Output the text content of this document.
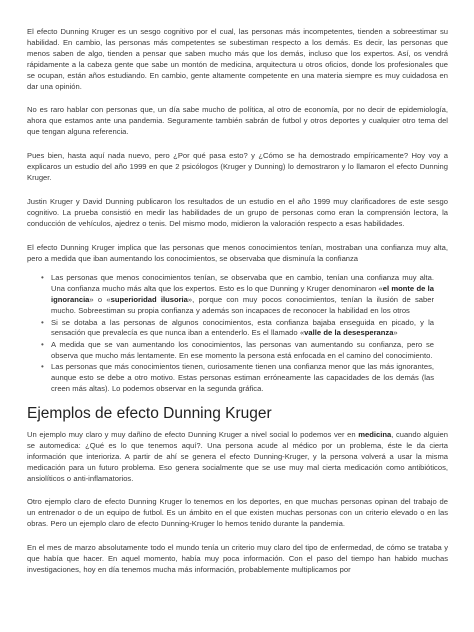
El efecto Dunning Kruger es un sesgo cognitivo por el cual, las personas más incompetentes, tienden a sobreestimar su habilidad. En cambio, las personas más competentes se subestiman respecto a los demás. Es decir, las personas que menos saben de algo, tienden a pensar que saben mucho más que los demás, incluso que los expertos. Así, os vendrá rápidamente a la cabeza gente que sabe un montón de medicina, arquitectura u otros oficios, donde los profesionales que se ocupan, están años estudiando. En cambio, gente altamente competente en una materia siempre es muy cuidadosa en dar una opinión.

No es raro hablar con personas que, un día sabe mucho de política, al otro de economía, por no decir de epidemiología, ahora que estamos ante una pandemia. Seguramente también sabrán de futbol y otros deportes y cualquier otro tema del que tengan alguna referencia.

Pues bien, hasta aquí nada nuevo, pero ¿Por qué pasa esto? y ¿Cómo se ha demostrado empíricamente? Hoy voy a explicaros un estudio del año 1999 en que 2 psicólogos (Kruger y Dunning) lo demostraron y lo llamaron el efecto Dunning Kruger.

Justin Kruger y David Dunning publicaron los resultados de un estudio en el año 1999 muy clarificadores de este sesgo cognitivo. La prueba consistió en medir las habilidades de un grupo de personas como eran la comprensión lectora, la conducción de vehículos, ajedrez o tenis. Del mismo modo, midieron la valoración respecto a esas habilidades.

El efecto Dunning Kruger implica que las personas que menos conocimientos tenían, mostraban una confianza muy alta, pero a medida que iban aumentando los conocimientos, se observaba que disminuía la confianza

• Las personas que menos conocimientos tenían, se observaba que en cambio, tenían una confianza muy alta. Una confianza mucho más alta que los expertos. Esto es lo que Dunning y Kruger denominaron «el monte de la ignorancia» o «superioridad ilusoria», porque con muy pocos conocimientos, tenían la ilusión de saber mucho. Sobreestiman su propia confianza y además son incapaces de reconocer la habilidad en los otros
• Si se dotaba a las personas de algunos conocimientos, esta confianza bajaba enseguida en picado, y la sensación que prevalecía es que nunca iban a entenderlo. Es el llamado «valle de la desesperanza»
• A medida que se van aumentando los conocimientos, las personas van aumentando su confianza, pero se observa que mucho más lentamente. En ese momento la persona está enfocada en el camino del conocimiento.
• Las personas que más conocimientos tienen, curiosamente tienen una confianza menor que las más ignorantes, aunque esto se debe a otro motivo. Estas personas estiman erróneamente las capacidades de los demás (las creen más altas). Lo podemos observar en la segunda gráfica.
Ejemplos de efecto Dunning Kruger

Un ejemplo muy claro y muy dañino de efecto Dunning Kruger a nivel social lo podemos ver en medicina, cuando alguien se automedica: ¿Qué es lo que tenemos aquí?. Una persona acude al médico por un problema, éste le da cierta información que interioriza. A partir de ahí se genera el efecto Dunning-Kruger, y la persona volverá a usar la misma medicación para un futuro problema. Eso genera socialmente que se use muy mal cierta medicación como antibióticos, ansiolíticos o anti-inflamatorios.

Otro ejemplo claro de efecto Dunning Kruger lo tenemos en los deportes, en que muchas personas opinan del trabajo de un entrenador o de un equipo de futbol. Es un ámbito en el que existen muchas personas con un criterio elevado o en las obras. Pero un ejemplo claro de efecto Dunning-Kruger lo hemos tenido durante la pandemia.

En el mes de marzo absolutamente todo el mundo tenía un criterio muy claro del tipo de enfermedad, de cómo se trataba y que había que hacer. En aquel momento, había muy poca información. Con el paso del tiempo han habido muchas investigaciones, hoy en día tenemos mucha más información, probablemente multiplicamos por
